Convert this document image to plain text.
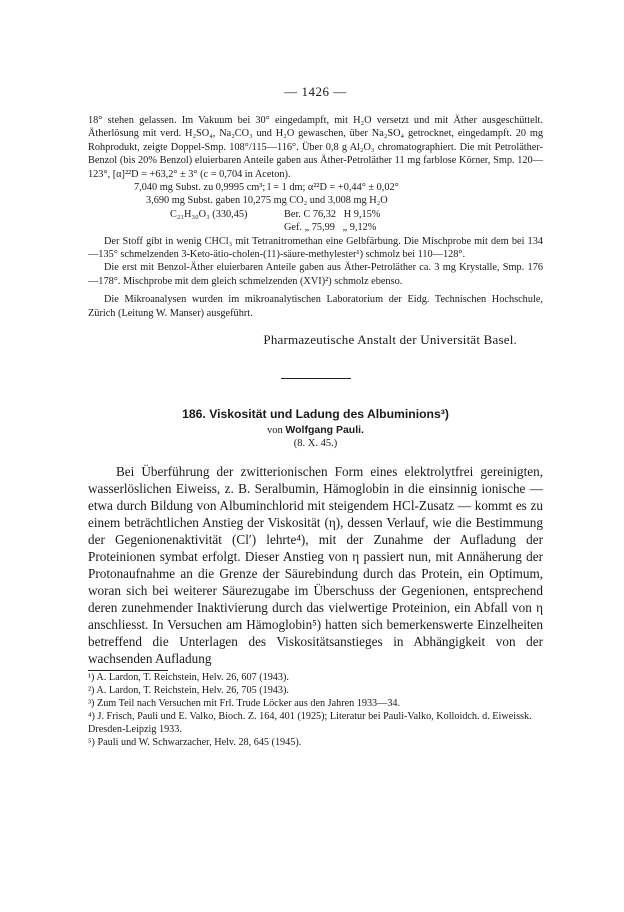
— 1426 —

18° stehen gelassen. Im Vakuum bei 30° eingedampft, mit H₂O versetzt und mit Äther ausgeschüttelt. Ätherlösung mit verd. H₂SO₄, Na₂CO₃ und H₂O gewaschen, über Na₂SO₄ getrocknet, eingedampft. 20 mg Rohprodukt, zeigte Doppel-Smp. 108°/115—116°. Über 0,8 g Al₂O₃ chromatographiert. Die mit Petroläther-Benzol (bis 20% Benzol) eluierbaren Anteile gaben aus Äther-Petroläther 11 mg farblose Körner, Smp. 120—123°, [α]²²D = +63,2° ± 3° (c = 0,704 in Aceton).

7,040 mg Subst. zu 0,9995 cm³; l = 1 dm; α²²D = +0,44° ± 0,02°

3,690 mg Subst. gaben 10,275 mg CO₂ und 3,008 mg H₂O

C₂₁H₃₀O₃ (330,45)	Ber. C 76,32   H 9,15%
Gef. „ 75,99   „ 9,12%

Der Stoff gibt in wenig CHCl₃ mit Tetranitromethan eine Gelbfärbung. Die Mischprobe mit dem bei 134—135° schmelzenden 3-Keto-ätio-cholen-(11)-säure-methylester¹) schmolz bei 110—128°.

Die erst mit Benzol-Äther eluierbaren Anteile gaben aus Äther-Petroläther ca. 3 mg Krystalle, Smp. 176—178°. Mischprobe mit dem gleich schmelzenden (XVI)²) schmolz ebenso.

Die Mikroanalysen wurden im mikroanalytischen Laboratorium der Eidg. Technischen Hochschule, Zürich (Leitung W. Manser) ausgeführt.

Pharmazeutische Anstalt der Universität Basel.

186. Viskosität und Ladung des Albuminions³)

von Wolfgang Pauli.
(8. X. 45.)

Bei Überführung der zwitterionischen Form eines elektrolytfrei gereinigten, wasserlöslichen Eiweiss, z. B. Seralbumin, Hämoglobin in die einsinnig ionische — etwa durch Bildung von Albuminchlorid mit steigendem HCl-Zusatz — kommt es zu einem beträchtlichen Anstieg der Viskosität (η), dessen Verlauf, wie die Bestimmung der Gegenionenaktivität (Cl′) lehrte⁴), mit der Zunahme der Aufladung der Proteinionen symbat erfolgt. Dieser Anstieg von η passiert nun, mit Annäherung der Protonaufnahme an die Grenze der Säurebindung durch das Protein, ein Optimum, woran sich bei weiterer Säurezugabe im Überschuss der Gegenionen, entsprechend deren zunehmender Inaktivierung durch das vielwertige Proteinion, ein Abfall von η anschliesst. In Versuchen am Hämoglobin⁵) hatten sich bemerkenswerte Einzelheiten betreffend die Unterlagen des Viskositätsanstieges in Abhängigkeit von der wachsenden Aufladung

¹) A. Lardon, T. Reichstein, Helv. 26, 607 (1943).

²) A. Lardon, T. Reichstein, Helv. 26, 705 (1943).

³) Zum Teil nach Versuchen mit Frl. Trude Löcker aus den Jahren 1933—34.

⁴) J. Frisch, Pauli und E. Valko, Bioch. Z. 164, 401 (1925); Literatur bei Pauli-Valko, Kolloidch. d. Eiweissk. Dresden-Leipzig 1933.

⁵) Pauli und W. Schwarzacher, Helv. 28, 645 (1945).
